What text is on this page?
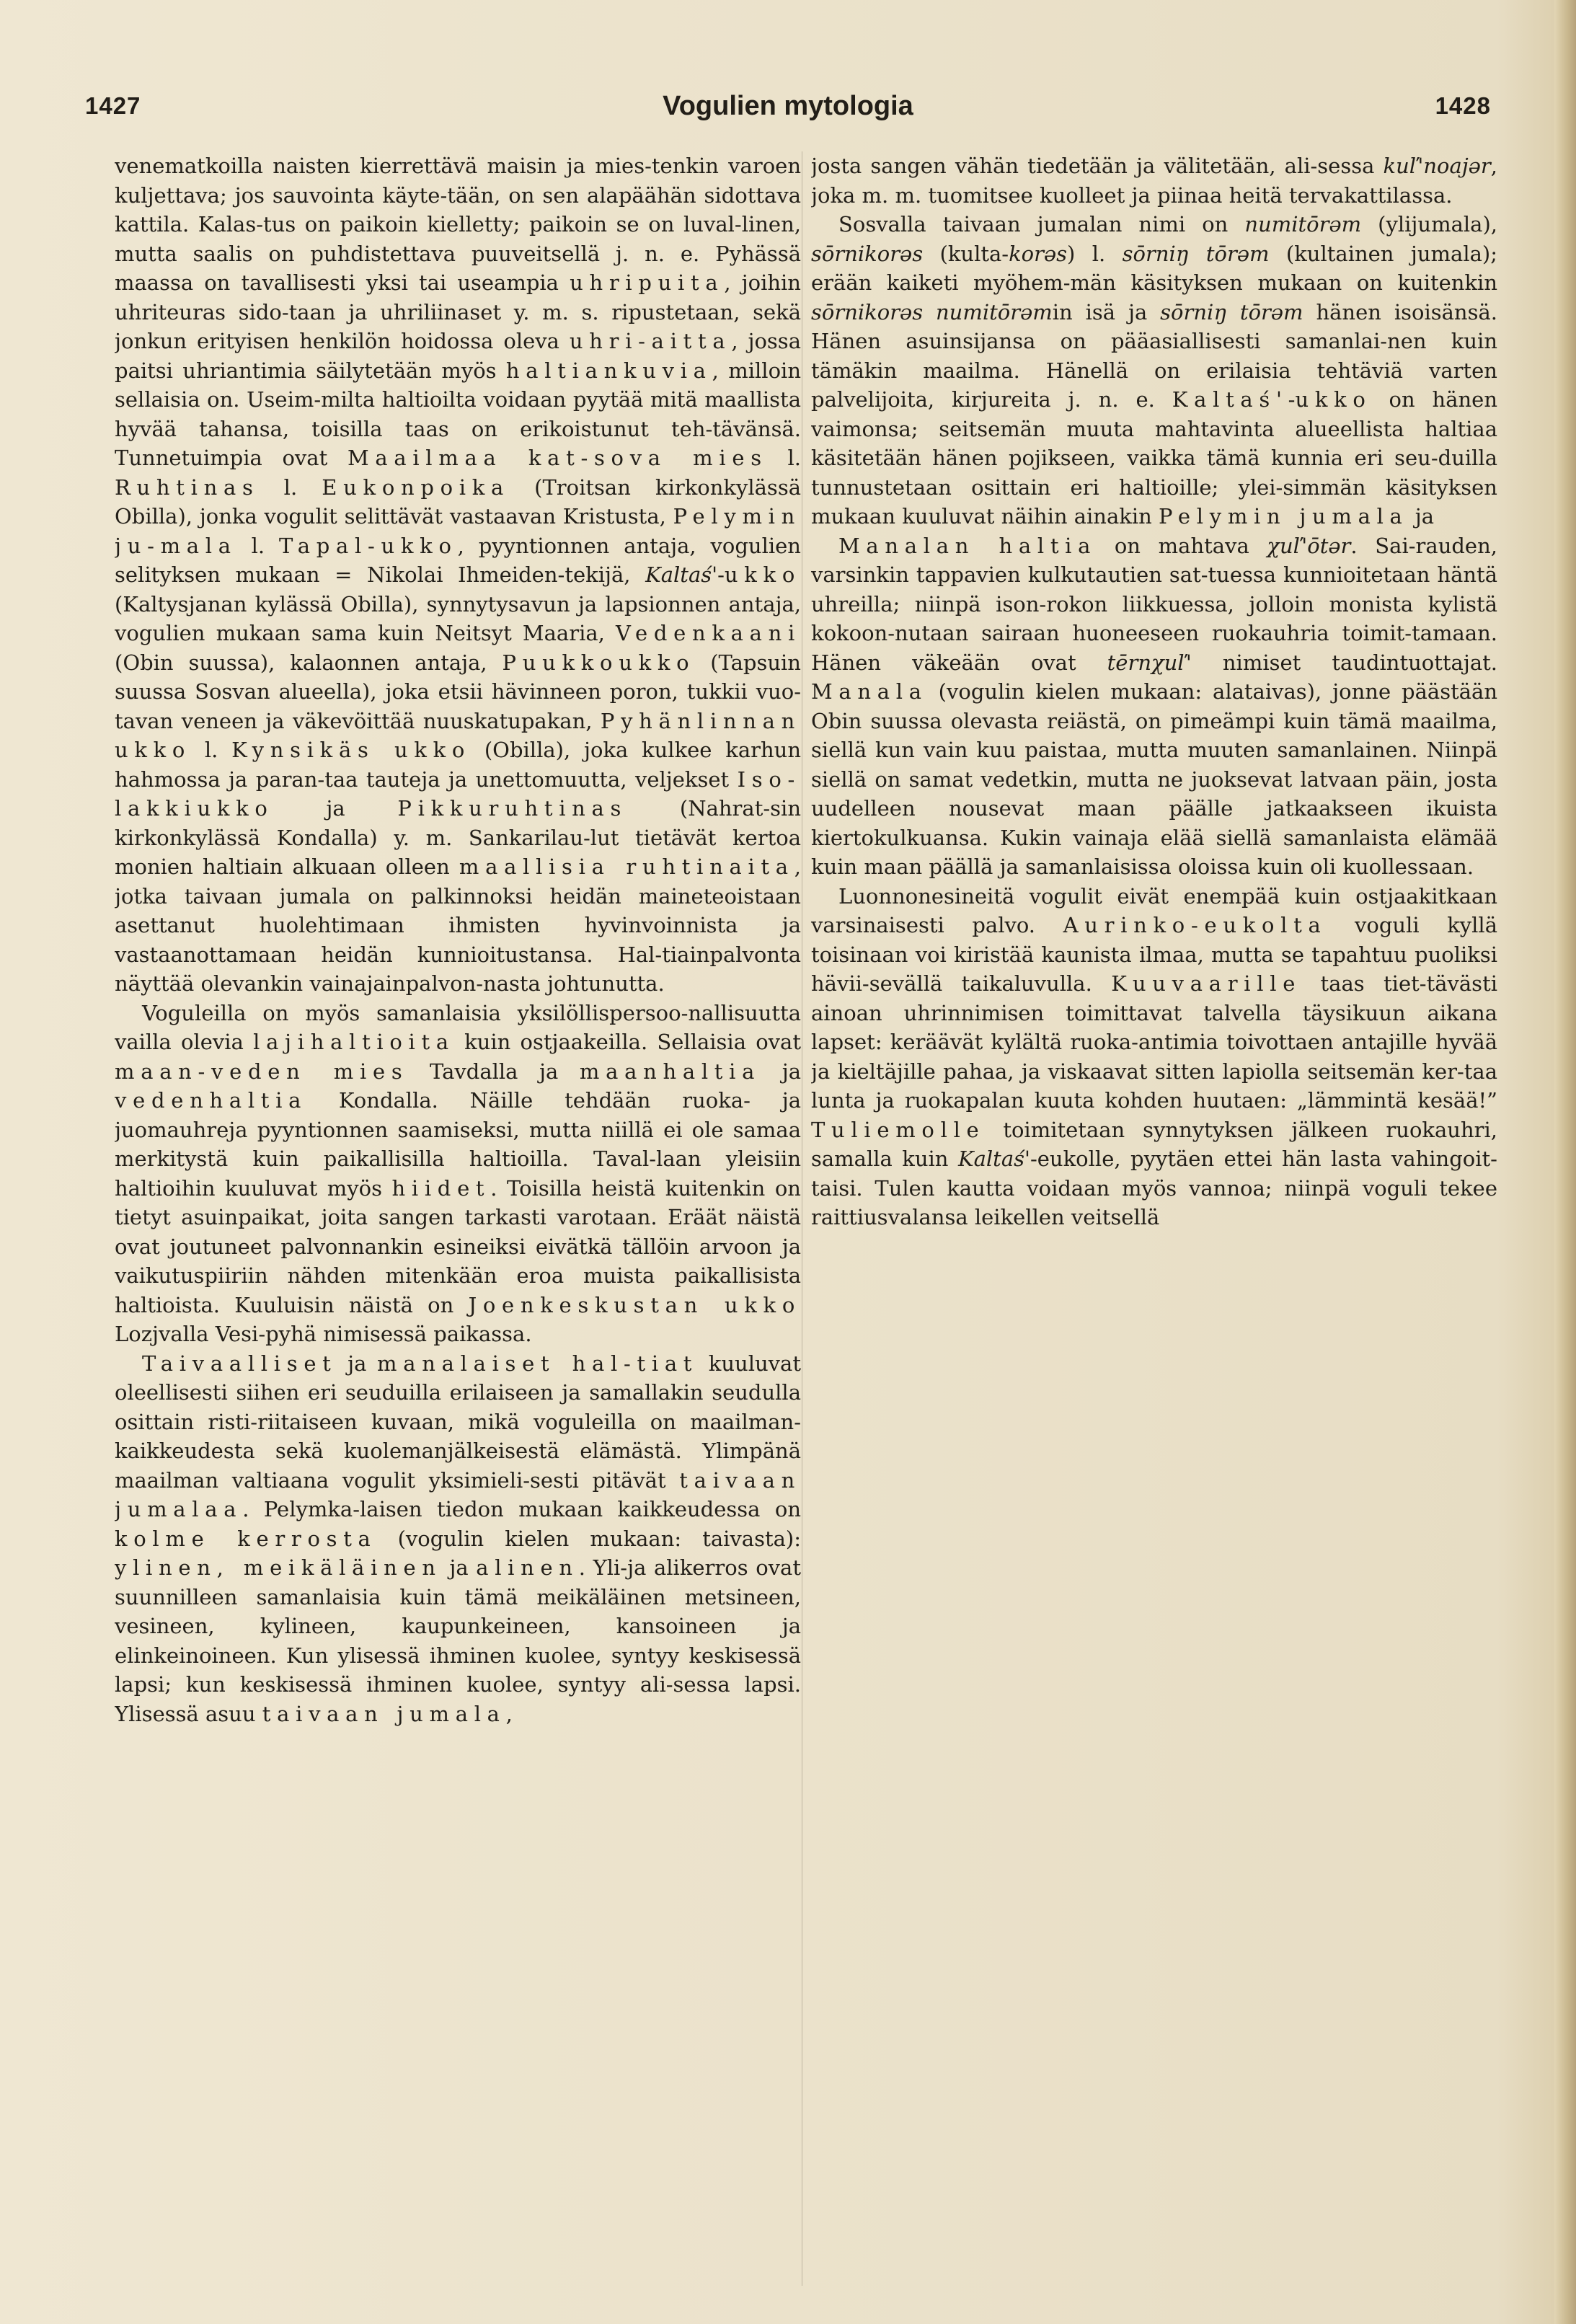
1427	Vogulien mytologia	1428

venematkoilla naisten kierrettävä maisin ja mies-tenkin varoen kuljettava; jos sauvointa käyte-tään, on sen alapäähän sidottava kattila. Kalas-tus on paikoin kielletty; paikoin se on luval-linen, mutta saalis on puhdistettava puuveitsellä j. n. e. Pyhässä maassa on tavallisesti yksi tai useampia uhripuita, joihin uhriteuras sido-taan ja uhriliinaset y. m. s. ripustetaan, sekä jonkun erityisen henkilön hoidossa oleva uhri-aitta, jossa paitsi uhriantimia säilytetään myös haltiankuvia, milloin sellaisia on. Useim-milta haltioilta voidaan pyytää mitä maallista hyvää tahansa, toisilla taas on erikoistunut teh-tävänsä. Tunnetuimpia ovat Maailmaa kat-sova mies l. Ruhtinas l. Eukonpoika (Troitsan kirkonkylässä Obilla), jonka vogulit selittävät vastaavan Kristusta, Pelymin ju-mala l. Tapal-ukko, pyyntionnen antaja, vogulien selityksen mukaan = Nikolai Ihmeiden-tekijä, Kaltaś'-ukko (Kaltysjanan kylässä Obilla), synnytysavun ja lapsionnen antaja, vogulien mukaan sama kuin Neitsyt Maaria, Vedenkaani (Obin suussa), kalaonnen antaja, Puukkoukko (Tapsuin suussa Sosvan alueella), joka etsii hävinneen poron, tukkii vuo-tavan veneen ja väkevöittää nuuskatupakan, Pyhänlinnan ukko l. Kynsikäs ukko (Obilla), joka kulkee karhun hahmossa ja paran-taa tauteja ja unettomuutta, veljekset Iso-lakkiukko ja Pikkuruhtinas (Nahrat-sin kirkonkylässä Kondalla) y. m. Sankarilau-lut tietävät kertoa monien haltiain alkuaan olleen maallisia ruhtinaita, jotka taivaan jumala on palkinnoksi heidän maineteoistaan asettanut huolehtimaan ihmisten hyvinvoinnista ja vastaanottamaan heidän kunnioitustansa. Hal-tiainpalvonta näyttää olevankin vainajainpalvon-nasta johtunutta.

Voguleilla on myös samanlaisia yksilöllispersoo-nallisuutta vailla olevia lajihaltioita kuin ostjaakeilla. Sellaisia ovat maan-veden mies Tavdalla ja maanhaltia ja vedenhaltia Kondalla. Näille tehdään ruoka- ja juomauhreja pyyntionnen saamiseksi, mutta niillä ei ole samaa merkitystä kuin paikallisilla haltioilla. Taval-laan yleisiin haltioihin kuuluvat myös hiidet. Toisilla heistä kuitenkin on tietyt asuinpaikat, joita sangen tarkasti varotaan. Eräät näistä ovat joutuneet palvonnankin esineiksi eivätkä tällöin arvoon ja vaikutuspiiriin nähden mitenkään eroa muista paikallisista haltioista. Kuuluisin näistä on Joenkeskustan ukko Lozjvalla Vesi-pyhä nimisessä paikassa.

Taivaalliset ja manalaiset hal-tiat kuuluvat oleellisesti siihen eri seuduilla erilaiseen ja samallakin seudulla osittain risti-riitaiseen kuvaan, mikä voguleilla on maailman-kaikkeudesta sekä kuolemanjälkeisestä elämästä. Ylimpänä maailman valtiaana vogulit yksimieli-sesti pitävät taivaan jumalaa. Pelymka-laisen tiedon mukaan kaikkeudessa on kolme kerrosta (vogulin kielen mukaan: taivasta): ylinen, meikäläinen ja alinen. Yli-ja alikerros ovat suunnilleen samanlaisia kuin tämä meikäläinen metsineen, vesineen, kylineen, kaupunkeineen, kansoineen ja elinkeinoineen. Kun ylisessä ihminen kuolee, syntyy keskisessä lapsi; kun keskisessä ihminen kuolee, syntyy ali-sessa lapsi. Ylisessä asuu taivaan jumala,

josta sangen vähän tiedetään ja välitetään, ali-sessa kuľ'noajər, joka m. m. tuomitsee kuolleet ja piinaa heitä tervakattilassa.

Sosvalla taivaan jumalan nimi on numitōrəm (ylijumala), sōrnikorəs (kulta-korəs) l. sōrniŋ tōrəm (kultainen jumala); erään kaiketi myöhem-män käsityksen mukaan on kuitenkin sōrnikorəs numitōrəmin isä ja sōrniŋ tōrəm hänen isoisänsä. Hänen asuinsijansa on pääasiallisesti samanlai-nen kuin tämäkin maailma. Hänellä on erilaisia tehtäviä varten palvelijoita, kirjureita j. n. e. Kaltaś'-ukko on hänen vaimonsa; seitsemän muuta mahtavinta alueellista haltiaa käsitetään hänen pojikseen, vaikka tämä kunnia eri seu-duilla tunnustetaan osittain eri haltioille; ylei-simmän käsityksen mukaan kuuluvat näihin ainakin Pelymin jumala ja

Manalan haltia on mahtava χuľ'ōtər. Sai-rauden, varsinkin tappavien kulkutautien sat-tuessa kunnioitetaan häntä uhreilla; niinpä ison-rokon liikkuessa, jolloin monista kylistä kokoon-nutaan sairaan huoneeseen ruokauhria toimit-tamaan. Hänen väkeään ovat tērnχuľ' nimiset taudintuottajat. Manala (vogulin kielen mukaan: alataivas), jonne päästään Obin suussa olevasta reiästä, on pimeämpi kuin tämä maailma, siellä kun vain kuu paistaa, mutta muuten samanlainen. Niinpä siellä on samat vedetkin, mutta ne juoksevat latvaan päin, josta uudelleen nousevat maan päälle jatkaakseen ikuista kiertokulkuansa. Kukin vainaja elää siellä samanlaista elämää kuin maan päällä ja samanlaisissa oloissa kuin oli kuollessaan.

Luonnonesineitä vogulit eivät enempää kuin ostjaakitkaan varsinaisesti palvo. Aurinko-eukolta voguli kyllä toisinaan voi kiristää kaunista ilmaa, mutta se tapahtuu puoliksi hävii-sevällä taikaluvulla. Kuuvaarille taas tiet-tävästi ainoan uhrinnimisen toimittavat talvella täysikuun aikana lapset: keräävät kylältä ruoka-antimia toivottaen antajille hyvää ja kieltäjille pahaa, ja viskaavat sitten lapiolla seitsemän ker-taa lunta ja ruokapalan kuuta kohden huutaen: „lämmintä kesää!” Tuliemolle toimitetaan synnytyksen jälkeen ruokauhri, samalla kuin Kaltaś'-eukolle, pyytäen ettei hän lasta vahingoit-taisi. Tulen kautta voidaan myös vannoa; niinpä voguli tekee raittiusvalansa leikellen veitsellä
